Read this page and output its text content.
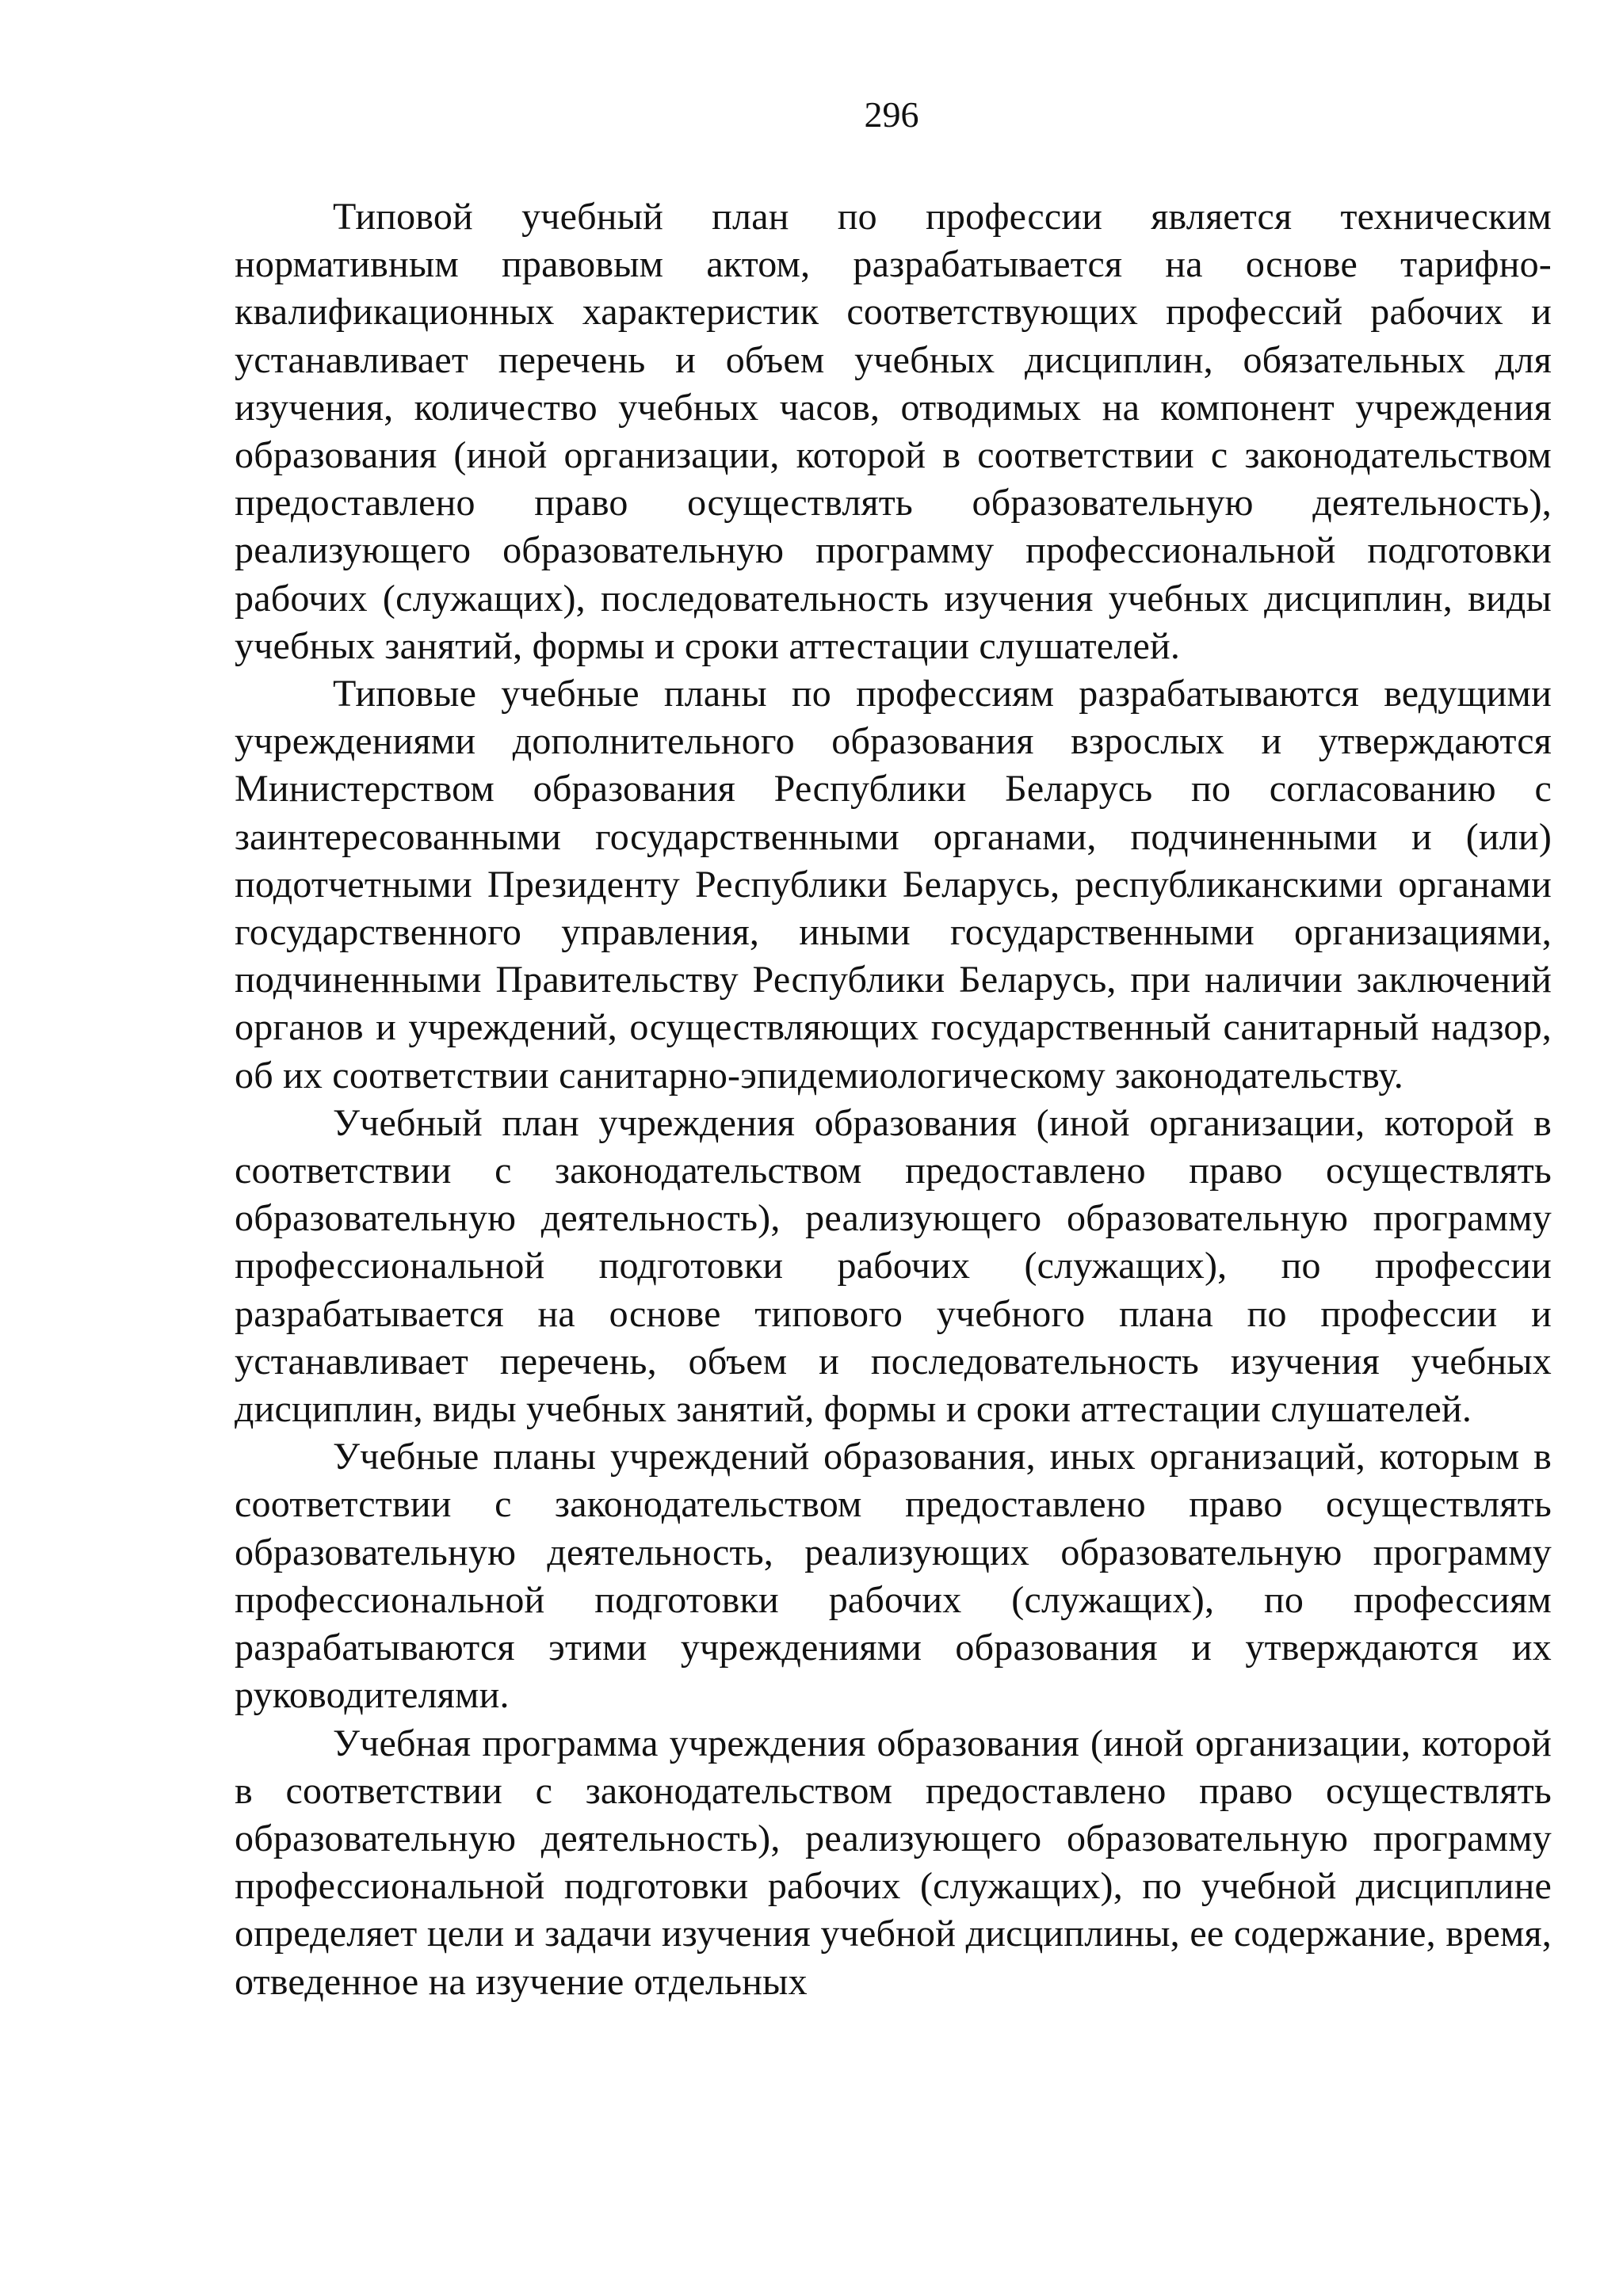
296

Типовой учебный план по профессии является техническим нормативным правовым актом, разрабатывается на основе тарифно-квалификационных характеристик соответствующих профессий рабочих и устанавливает перечень и объем учебных дисциплин, обязательных для изучения, количество учебных часов, отводимых на компонент учреждения образования (иной организации, которой в соответствии с законодательством предоставлено право осуществлять образовательную деятельность), реализующего образовательную программу профессиональной подготовки рабочих (служащих), последовательность изучения учебных дисциплин, виды учебных занятий, формы и сроки аттестации слушателей.

Типовые учебные планы по профессиям разрабатываются ведущими учреждениями дополнительного образования взрослых и утверждаются Министерством образования Республики Беларусь по согласованию с заинтересованными государственными органами, подчиненными и (или) подотчетными Президенту Республики Беларусь, республиканскими органами государственного управления, иными государственными организациями, подчиненными Правительству Республики Беларусь, при наличии заключений органов и учреждений, осуществляющих государственный санитарный надзор, об их соответствии санитарно-эпидемиологическому законодательству.

Учебный план учреждения образования (иной организации, которой в соответствии с законодательством предоставлено право осуществлять образовательную деятельность), реализующего образовательную программу профессиональной подготовки рабочих (служащих), по профессии разрабатывается на основе типового учебного плана по профессии и устанавливает перечень, объем и последовательность изучения учебных дисциплин, виды учебных занятий, формы и сроки аттестации слушателей.

Учебные планы учреждений образования, иных организаций, которым в соответствии с законодательством предоставлено право осуществлять образовательную деятельность, реализующих образовательную программу профессиональной подготовки рабочих (служащих), по профессиям разрабатываются этими учреждениями образования и утверждаются их руководителями.

Учебная программа учреждения образования (иной организации, которой в соответствии с законодательством предоставлено право осуществлять образовательную деятельность), реализующего образовательную программу профессиональной подготовки рабочих (служащих), по учебной дисциплине определяет цели и задачи изучения учебной дисциплины, ее содержание, время, отведенное на изучение отдельных
